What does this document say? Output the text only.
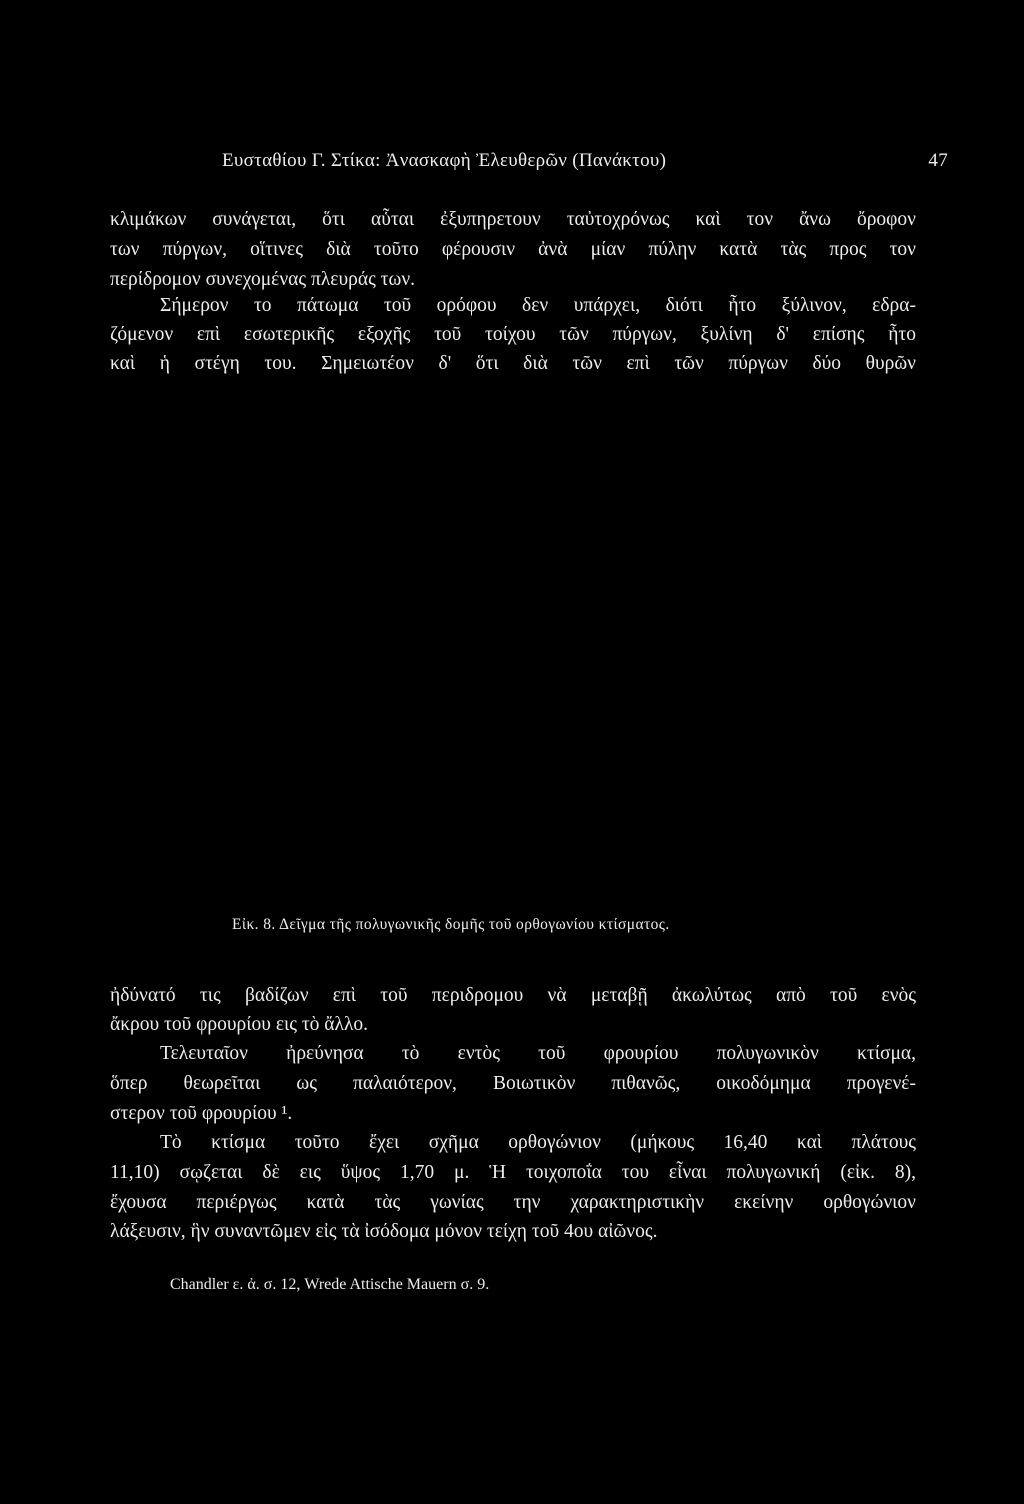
Ευσταθίου Γ. Στίκα: Ἀνασκαφὴ Ἐλευθερῶν (Πανάκτου)	47
κλιμάκων συνάγεται, ὅτι αὗται ἐξυπηρετουν ταὐτοχρόνως καὶ τον ἄνω ὄροφον
των πύργων, οἵτινες διὰ τοῦτο φέρουσιν ἀνὰ μίαν πύλην κατὰ τὰς προς τον
περίδρομον συνεχομένας πλευράς των.
Σήμερον το πάτωμα τοῦ ορόφου δεν υπάρχει, διότι ἦτο ξύλινον, εδρα-
ζόμενον επὶ εσωτερικῆς εξοχῆς τοῦ τοίχου τῶν πύργων, ξυλίνη δ' επίσης ἦτο
καὶ ἡ στέγη του. Σημειωτέον δ' ὅτι διὰ τῶν επὶ τῶν πύργων δύο θυρῶν
Εἰκ. 8. Δεῖγμα τῆς πολυγωνικῆς δομῆς τοῦ ορθογωνίου κτίσματος.
ἠδύνατό τις βαδίζων επὶ τοῦ περιδρομου νὰ μεταβῇ ἀκωλύτως απὸ τοῦ ενὸς
ἄκρου τοῦ φρουρίου εις τὸ ἄλλο.
Τελευταῖον ἠρεύνησα τὸ εντὸς τοῦ φρουρίου πολυγωνικὸν κτίσμα,
ὅπερ θεωρεῖται ως παλαιότερον, Βοιωτικὸν πιθανῶς, οικοδόμημα προγενέ-
στερον τοῦ φρουρίου ¹.
Τὸ κτίσμα τοῦτο ἔχει σχῆμα ορθογώνιον (μήκους 16,40 καὶ πλάτους
11,10) σῳζεται δὲ εις ὕψος 1,70 μ. Ἡ τοιχοποΐα του εἶναι πολυγωνική (εἰκ. 8),
ἔχουσα περιέργως κατὰ τὰς γωνίας την χαρακτηριστικὴν εκείνην ορθογώνιον
λάξευσιν, ἣν συναντῶμεν εἰς τὰ ἰσόδομα μόνον τείχη τοῦ 4ου αἰῶνος.
Chandler ε. ἀ. σ. 12, Wrede Attische Mauern σ. 9.
